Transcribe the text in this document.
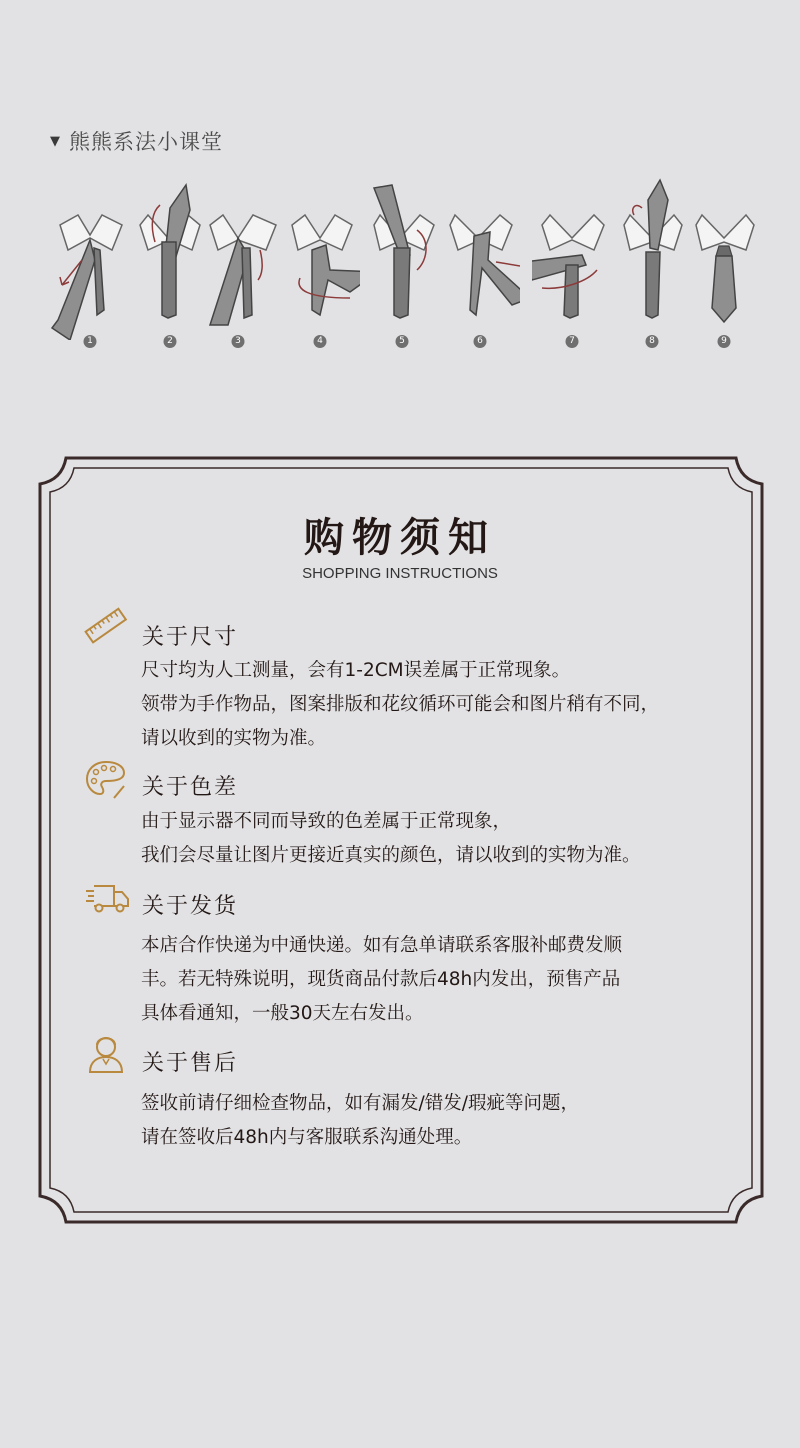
▼ 熊熊系法小课堂
1	2	3	4	5	6	7	8	9
购物须知
SHOPPING INSTRUCTIONS
关于尺寸
尺寸均为人工测量，会有1-2CM误差属于正常现象。
领带为手作物品，图案排版和花纹循环可能会和图片稍有不同，
请以收到的实物为准。
关于色差
由于显示器不同而导致的色差属于正常现象，
我们会尽量让图片更接近真实的颜色，请以收到的实物为准。
关于发货
本店合作快递为中通快递。如有急单请联系客服补邮费发顺
丰。若无特殊说明，现货商品付款后48h内发出，预售产品
具体看通知，一般30天左右发出。
关于售后
签收前请仔细检查物品，如有漏发/错发/瑕疵等问题，
请在签收后48h内与客服联系沟通处理。
